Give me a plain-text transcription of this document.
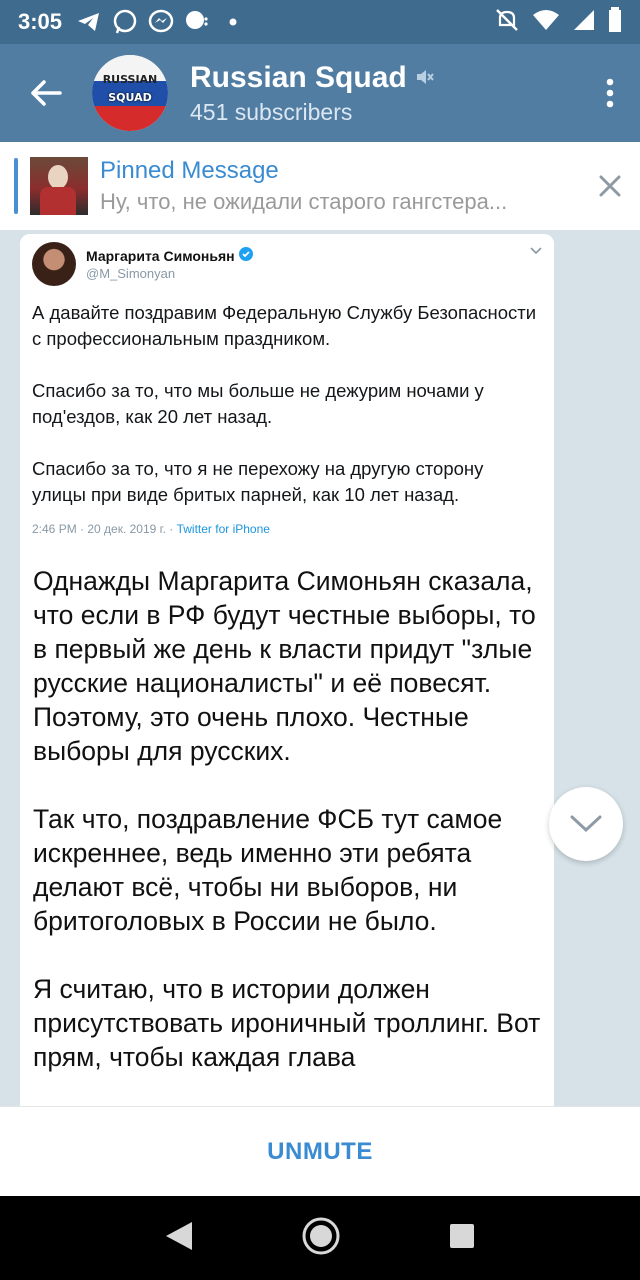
3:05
RUSSIAN
SQUAD
Russian Squad
451 subscribers
Pinned Message
Ну, что, не ожидали старого гангстера...
Маргарита Симоньян
@M_Simonyan

А давайте поздравим Федеральную Службу Безопасности с профессиональным праздником.

Спасибо за то, что мы больше не дежурим ночами у под'ездов, как 20 лет назад.

Спасибо за то, что я не перехожу на другую сторону улицы при виде бритых парней, как 10 лет назад.

2:46 PM · 20 дек. 2019 г. · Twitter for iPhone

Однажды Маргарита Симоньян сказала, что если в РФ будут честные выборы, то в первый же день к власти придут "злые русские националисты" и её повесят. Поэтому, это очень плохо. Честные выборы для русских.

Так что, поздравление ФСБ тут самое искреннее, ведь именно эти ребята делают всё, чтобы ни выборов, ни бритоголовых в России не было.

Я считаю, что в истории должен присутствовать ироничный троллинг. Вот прям, чтобы каждая глава

UNMUTE
